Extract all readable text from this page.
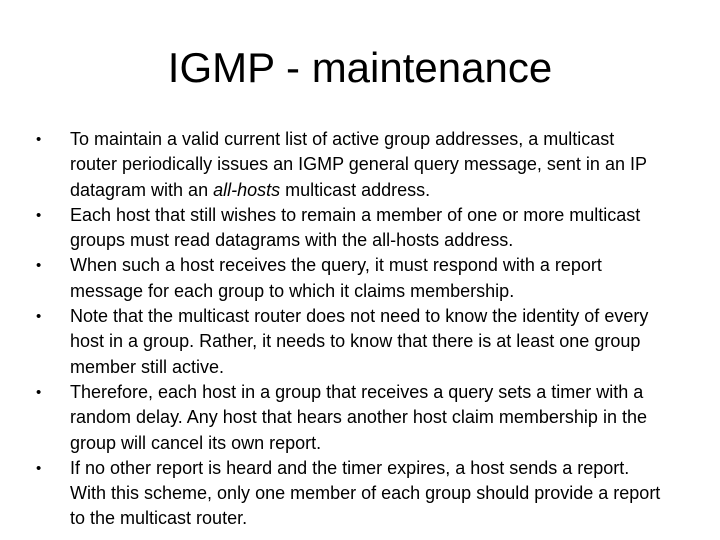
IGMP - maintenance
•	To maintain a valid current list of active group addresses, a multicast router periodically issues an IGMP general query message, sent in an IP datagram with an all-hosts multicast address.
•	Each host that still wishes to remain a member of one or more multicast groups must read datagrams with the all-hosts address.
•	When such a host receives the query, it must respond with a report message for each group to which it claims membership.
•	Note that the multicast router does not need to know the identity of every host in a group. Rather, it needs to know that there is at least one group member still active.
•	Therefore, each host in a group that receives a query sets a timer with a random delay. Any host that hears another host claim membership in the group will cancel its own report.
•	If no other report is heard and the timer expires, a host sends a report. With this scheme, only one member of each group should provide a report to the multicast router.
